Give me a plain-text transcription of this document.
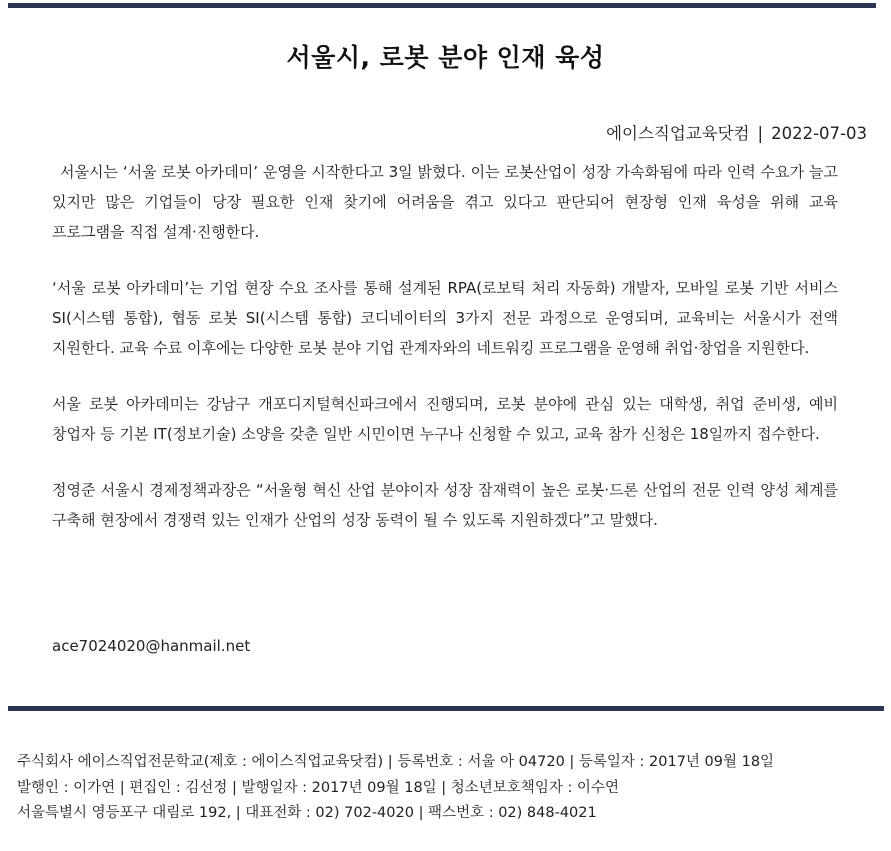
서울시, 로봇 분야 인재 육성
에이스직업교육닷컴 | 2022-07-03

서울시는 ‘서울 로봇 아카데미’ 운영을 시작한다고 3일 밝혔다. 이는 로봇산업이 성장 가속화됨에 따라 인력 수요가 늘고 있지만 많은 기업들이 당장 필요한 인재 찾기에 어려움을 겪고 있다고 판단되어 현장형 인재 육성을 위해 교육 프로그램을 직접 설계·진행한다.

‘서울 로봇 아카데미’는 기업 현장 수요 조사를 통해 설계된 RPA(로보틱 처리 자동화) 개발자, 모바일 로봇 기반 서비스 SI(시스템 통합), 협동 로봇 SI(시스템 통합) 코디네이터의 3가지 전문 과정으로 운영되며, 교육비는 서울시가 전액 지원한다. 교육 수료 이후에는 다양한 로봇 분야 기업 관계자와의 네트워킹 프로그램을 운영해 취업·창업을 지원한다.

서울 로봇 아카데미는 강남구 개포디지털혁신파크에서 진행되며, 로봇 분야에 관심 있는 대학생, 취업 준비생, 예비 창업자 등 기본 IT(정보기술) 소양을 갖춘 일반 시민이면 누구나 신청할 수 있고, 교육 참가 신청은 18일까지 접수한다.

정영준 서울시 경제정책과장은 “서울형 혁신 산업 분야이자 성장 잠재력이 높은 로봇·드론 산업의 전문 인력 양성 체계를 구축해 현장에서 경쟁력 있는 인재가 산업의 성장 동력이 될 수 있도록 지원하겠다”고 말했다.

ace7024020@hanmail.net
주식회사 에이스직업전문학교(제호 : 에이스직업교육닷컴) | 등록번호 : 서울 아 04720 | 등록일자 : 2017년 09월 18일
발행인 : 이가연 | 편집인 : 김선정 | 발행일자 : 2017년 09월 18일 | 청소년보호책임자 : 이수연
서울특별시 영등포구 대림로 192, | 대표전화 : 02) 702-4020 | 팩스번호 : 02) 848-4021
